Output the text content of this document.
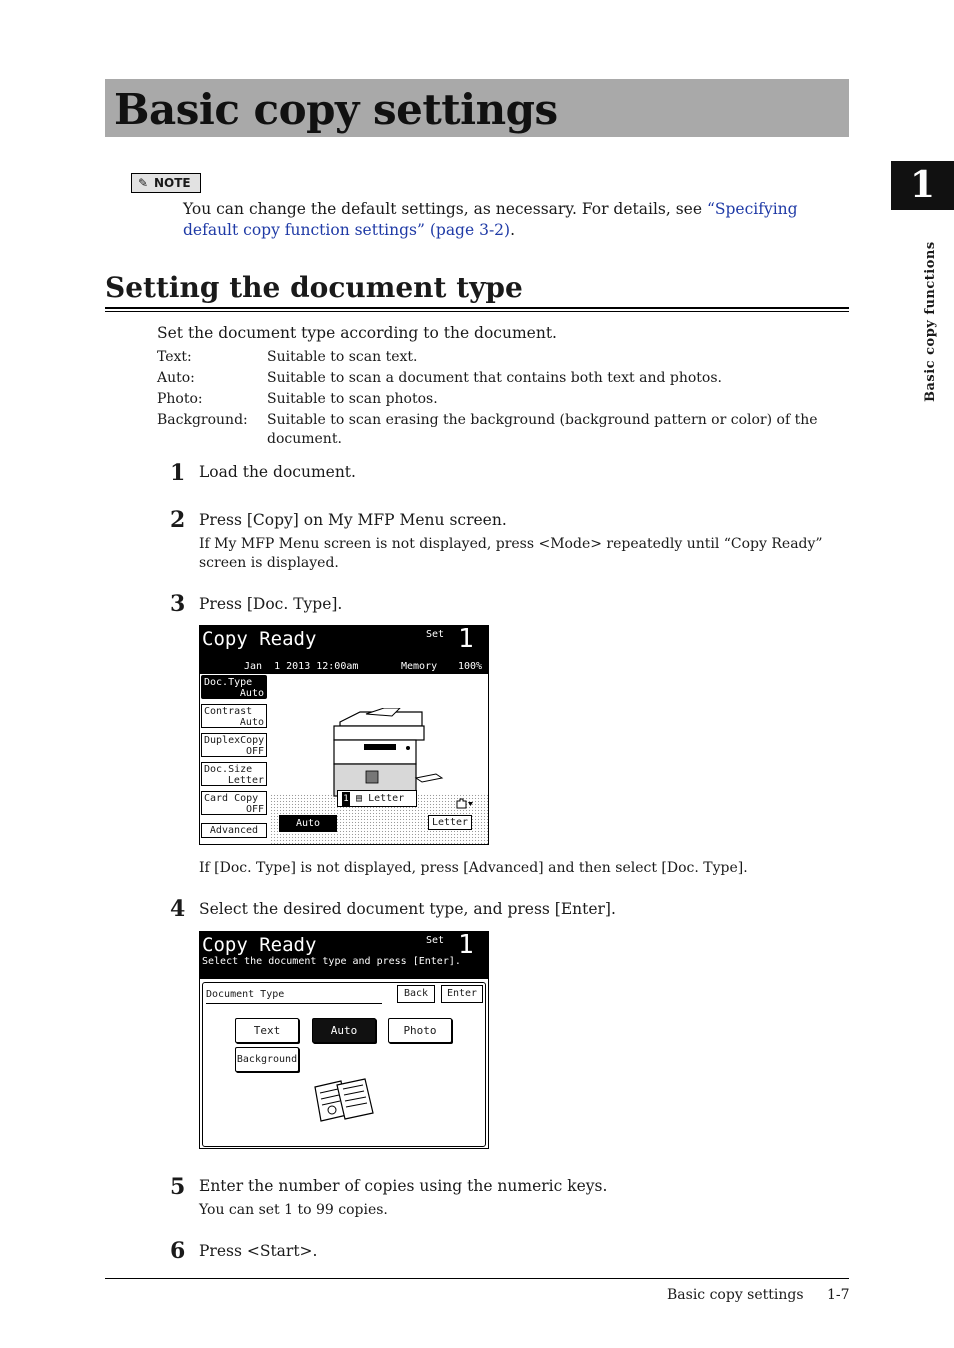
Basic copy settings
1
Basic copy functions
✎ NOTE
You can change the default settings, as necessary. For details, see “Specifying default copy function settings” (page 3-2).
Setting the document type
Set the document type according to the document.
Text:	Suitable to scan text.
Auto:	Suitable to scan a document that contains both text and photos.
Photo:	Suitable to scan photos.
Background: Suitable to scan erasing the background (background pattern or color) of the document.
1 Load the document.
2 Press [Copy] on My MFP Menu screen.
If My MFP Menu screen is not displayed, press <Mode> repeatedly until “Copy Ready” screen is displayed.
3 Press [Doc. Type].
Copy Ready	Set 1
Jan  1 2013 12:00am	Memory 100%
1 ▤ Letter
Doc.Type
Auto
Contrast
Auto
DuplexCopy
OFF
Doc.Size
Letter
Card Copy
OFF
Advanced
Auto	Letter
If [Doc. Type] is not displayed, press [Advanced] and then select [Doc. Type].
4 Select the desired document type, and press [Enter].
Copy Ready	Set 1
Select the document type and press [Enter].
Document Type	Back	Enter
Text	Auto	Photo
Background
5 Enter the number of copies using the numeric keys.
You can set 1 to 99 copies.
6 Press <Start>.
Basic copy settings 1-7
